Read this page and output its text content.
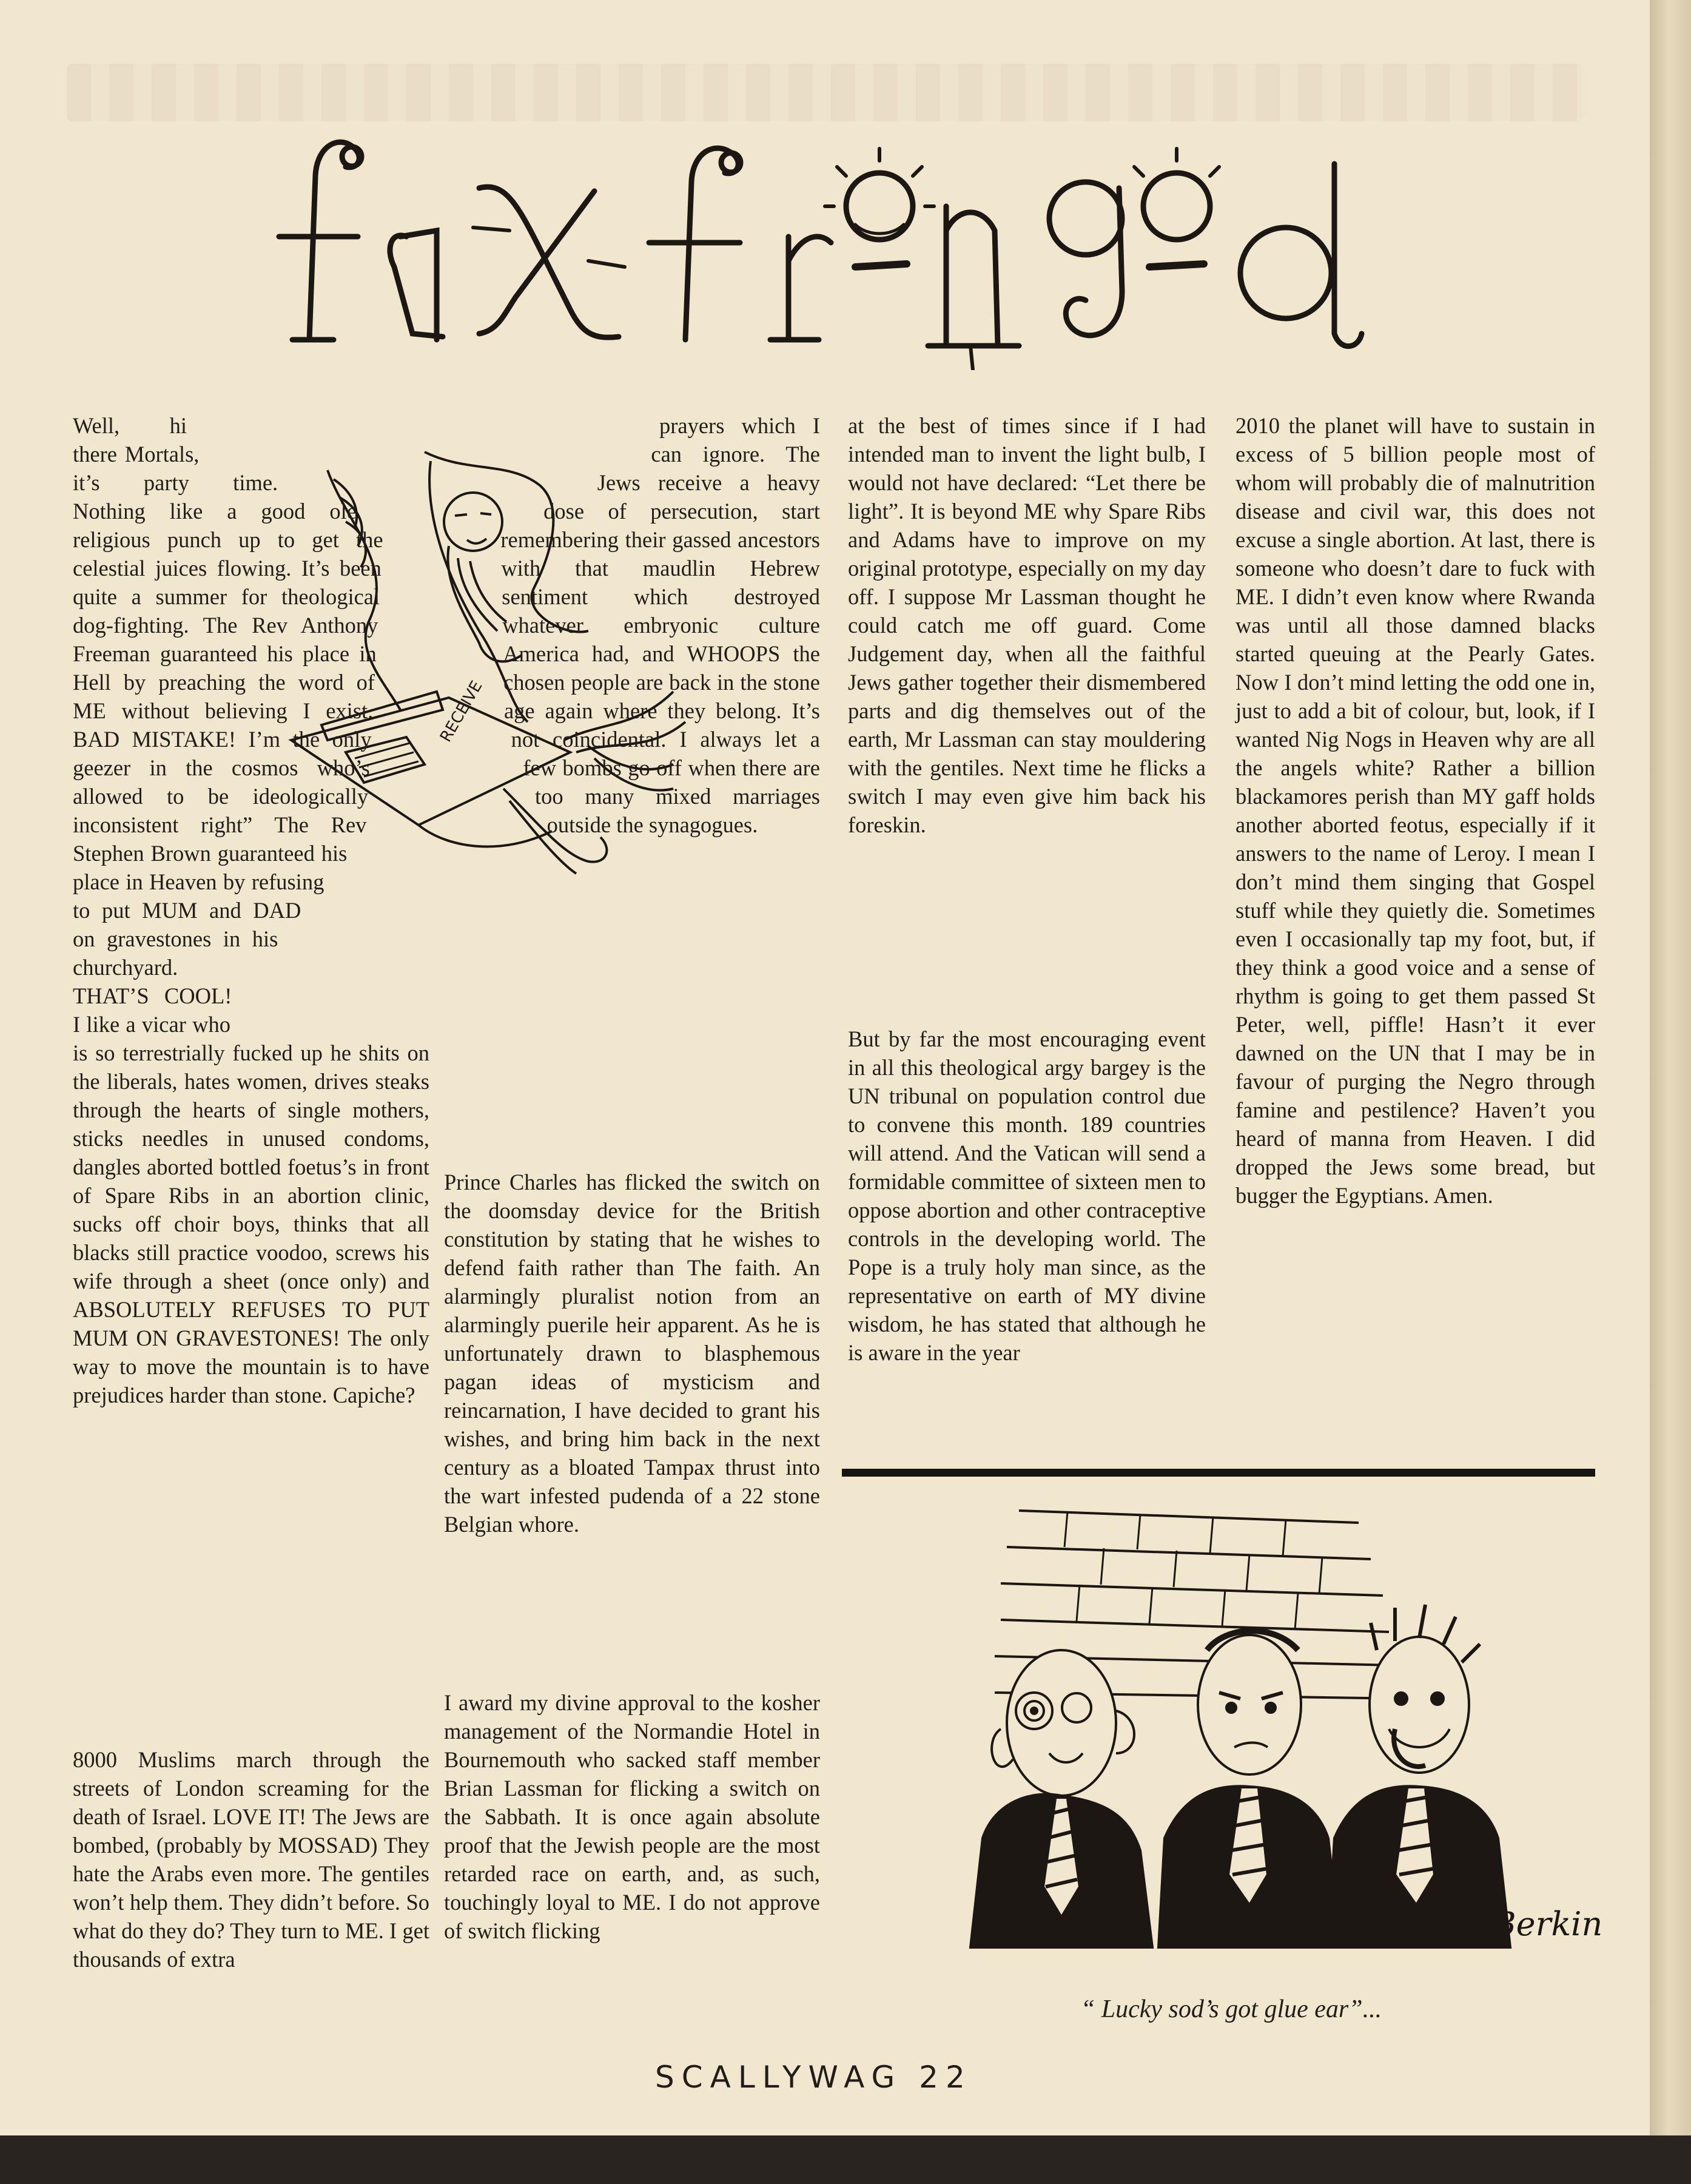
RECEIVE

Well, hi there Mortals, it’s party time. Nothing like a good ole religious punch up to get the celestial juices flowing. It’s been quite a summer for theological dog-fighting. The Rev Anthony Freeman guaranteed his place in Hell by preaching the word of ME without believing I exist. BAD MISTAKE! I’m the only geezer in the cosmos who’s allowed to be ideologically inconsistent right” The Rev Stephen Brown guaranteed his place in Heaven by refusing to put MUM and DAD on gravestones in his churchyard. THAT’S COOL! I like a vicar who is so terrestrially fucked up he shits on the liberals, hates women, drives steaks through the hearts of single mothers, sticks needles in unused condoms, dangles aborted bottled foetus’s in front of Spare Ribs in an abortion clinic, sucks off choir boys, thinks that all blacks still practice voodoo, screws his wife through a sheet (once only) and ABSOLUTELY REFUSES TO PUT MUM ON GRAVESTONES! The only way to move the mountain is to have prejudices harder than stone. Capiche?

8000 Muslims march through the streets of London screaming for the death of Israel. LOVE IT! The Jews are bombed, (probably by MOSSAD) They hate the Arabs even more. The gentiles won’t help them. They didn’t before. So what do they do? They turn to ME. I get thousands of extra

prayers which I can ignore. The Jews receive a heavy dose of persecution, start remembering their gassed ancestors with that maudlin Hebrew sentiment which destroyed whatever embryonic culture America had, and WHOOPS the chosen people are back in the stone age again where they belong. It’s not coincidental. I always let a few bombs go off when there are too many mixed marriages outside the synagogues.

Prince Charles has flicked the switch on the doomsday device for the British constitution by stating that he wishes to defend faith rather than The faith. An alarmingly pluralist notion from an alarmingly puerile heir apparent. As he is unfortunately drawn to blasphemous pagan ideas of mysticism and reincarnation, I have decided to grant his wishes, and bring him back in the next century as a bloated Tampax thrust into the wart infested pudenda of a 22 stone Belgian whore.

I award my divine approval to the kosher management of the Normandie Hotel in Bournemouth who sacked staff member Brian Lassman for flicking a switch on the Sabbath. It is once again absolute proof that the Jewish people are the most retarded race on earth, and, as such, touchingly loyal to ME. I do not approve of switch flicking

at the best of times since if I had intended man to invent the light bulb, I would not have declared: “Let there be light”. It is beyond ME why Spare Ribs and Adams have to improve on my original prototype, especially on my day off. I suppose Mr Lassman thought he could catch me off guard. Come Judgement day, when all the faithful Jews gather together their dismembered parts and dig themselves out of the earth, Mr Lassman can stay mouldering with the gentiles. Next time he flicks a switch I may even give him back his foreskin.

But by far the most encouraging event in all this theological argy bargey is the UN tribunal on population control due to convene this month. 189 countries will attend. And the Vatican will send a formidable committee of sixteen men to oppose abortion and other contraceptive controls in the developing world. The Pope is a truly holy man since, as the representative on earth of MY divine wisdom, he has stated that although he is aware in the year

2010 the planet will have to sustain in excess of 5 billion people most of whom will probably die of malnutrition disease and civil war, this does not excuse a single abortion. At last, there is someone who doesn’t dare to fuck with ME. I didn’t even know where Rwanda was until all those damned blacks started queuing at the Pearly Gates. Now I don’t mind letting the odd one in, just to add a bit of colour, but, look, if I wanted Nig Nogs in Heaven why are all the angels white? Rather a billion blackamores perish than MY gaff holds another aborted feotus, especially if it answers to the name of Leroy. I mean I don’t mind them singing that Gospel stuff while they quietly die. Sometimes even I occasionally tap my foot, but, if they think a good voice and a sense of rhythm is going to get them passed St Peter, well, piffle! Hasn’t it ever dawned on the UN that I may be in favour of purging the Negro through famine and pestilence? Haven’t you heard of manna from Heaven. I did dropped the Jews some bread, but bugger the Egyptians. Amen.

Berkin
“ Lucky sod’s got glue ear”...
SCALLYWAG 22
